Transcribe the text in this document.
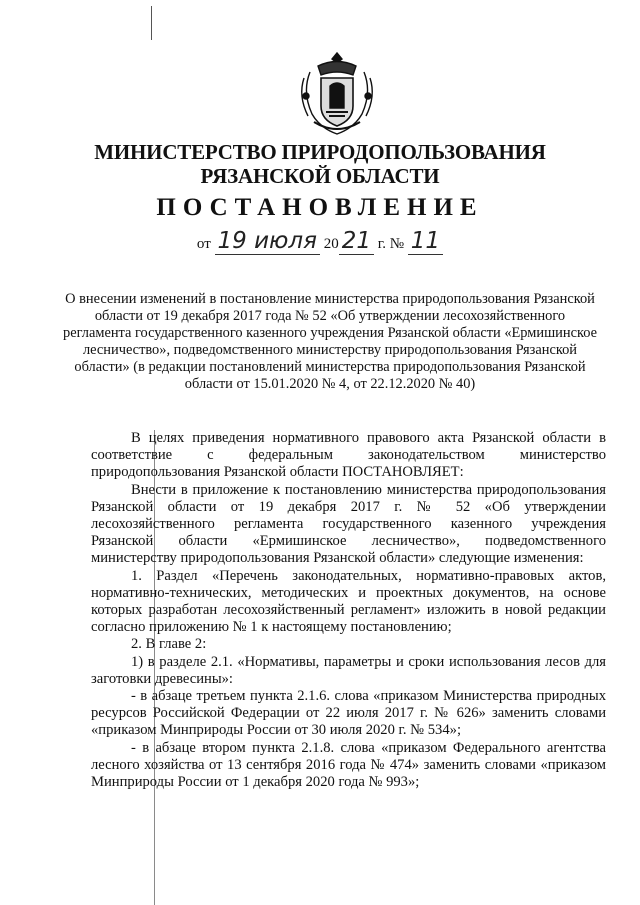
МИНИСТЕРСТВО ПРИРОДОПОЛЬЗОВАНИЯ
РЯЗАНСКОЙ ОБЛАСТИ
ПОСТАНОВЛЕНИЕ
от 19 июля 20 21 г. № 11
О внесении изменений в постановление министерства природопользования Рязанской области от 19 декабря 2017 года № 52 «Об утверждении лесохозяйственного регламента государственного казенного учреждения Рязанской области «Ермишинское лесничество», подведомственного министерству природопользования Рязанской области» (в редакции постановлений министерства природопользования Рязанской области от 15.01.2020 № 4, от 22.12.2020 № 40)

В целях приведения нормативного правового акта Рязанской области в соответствие с федеральным законодательством министерство природопользования Рязанской области ПОСТАНОВЛЯЕТ:

Внести в приложение к постановлению министерства природопользования Рязанской области от 19 декабря 2017 г. № 52 «Об утверждении лесохозяйственного регламента государственного казенного учреждения Рязанской области «Ермишинское лесничество», подведомственного министерству природопользования Рязанской области» следующие изменения:

1. Раздел «Перечень законодательных, нормативно-правовых актов, нормативно-технических, методических и проектных документов, на основе которых разработан лесохозяйственный регламент» изложить в новой редакции согласно приложению № 1 к настоящему постановлению;

2. В главе 2:

1) в разделе 2.1. «Нормативы, параметры и сроки использования лесов для заготовки древесины»:

- в абзаце третьем пункта 2.1.6. слова «приказом Министерства природных ресурсов Российской Федерации от 22 июля 2017 г. № 626» заменить словами «приказом Минприроды России от 30 июля 2020 г. № 534»;

- в абзаце втором пункта 2.1.8. слова «приказом Федерального агентства лесного хозяйства от 13 сентября 2016 года № 474» заменить словами «приказом Минприроды России от 1 декабря 2020 года № 993»;
